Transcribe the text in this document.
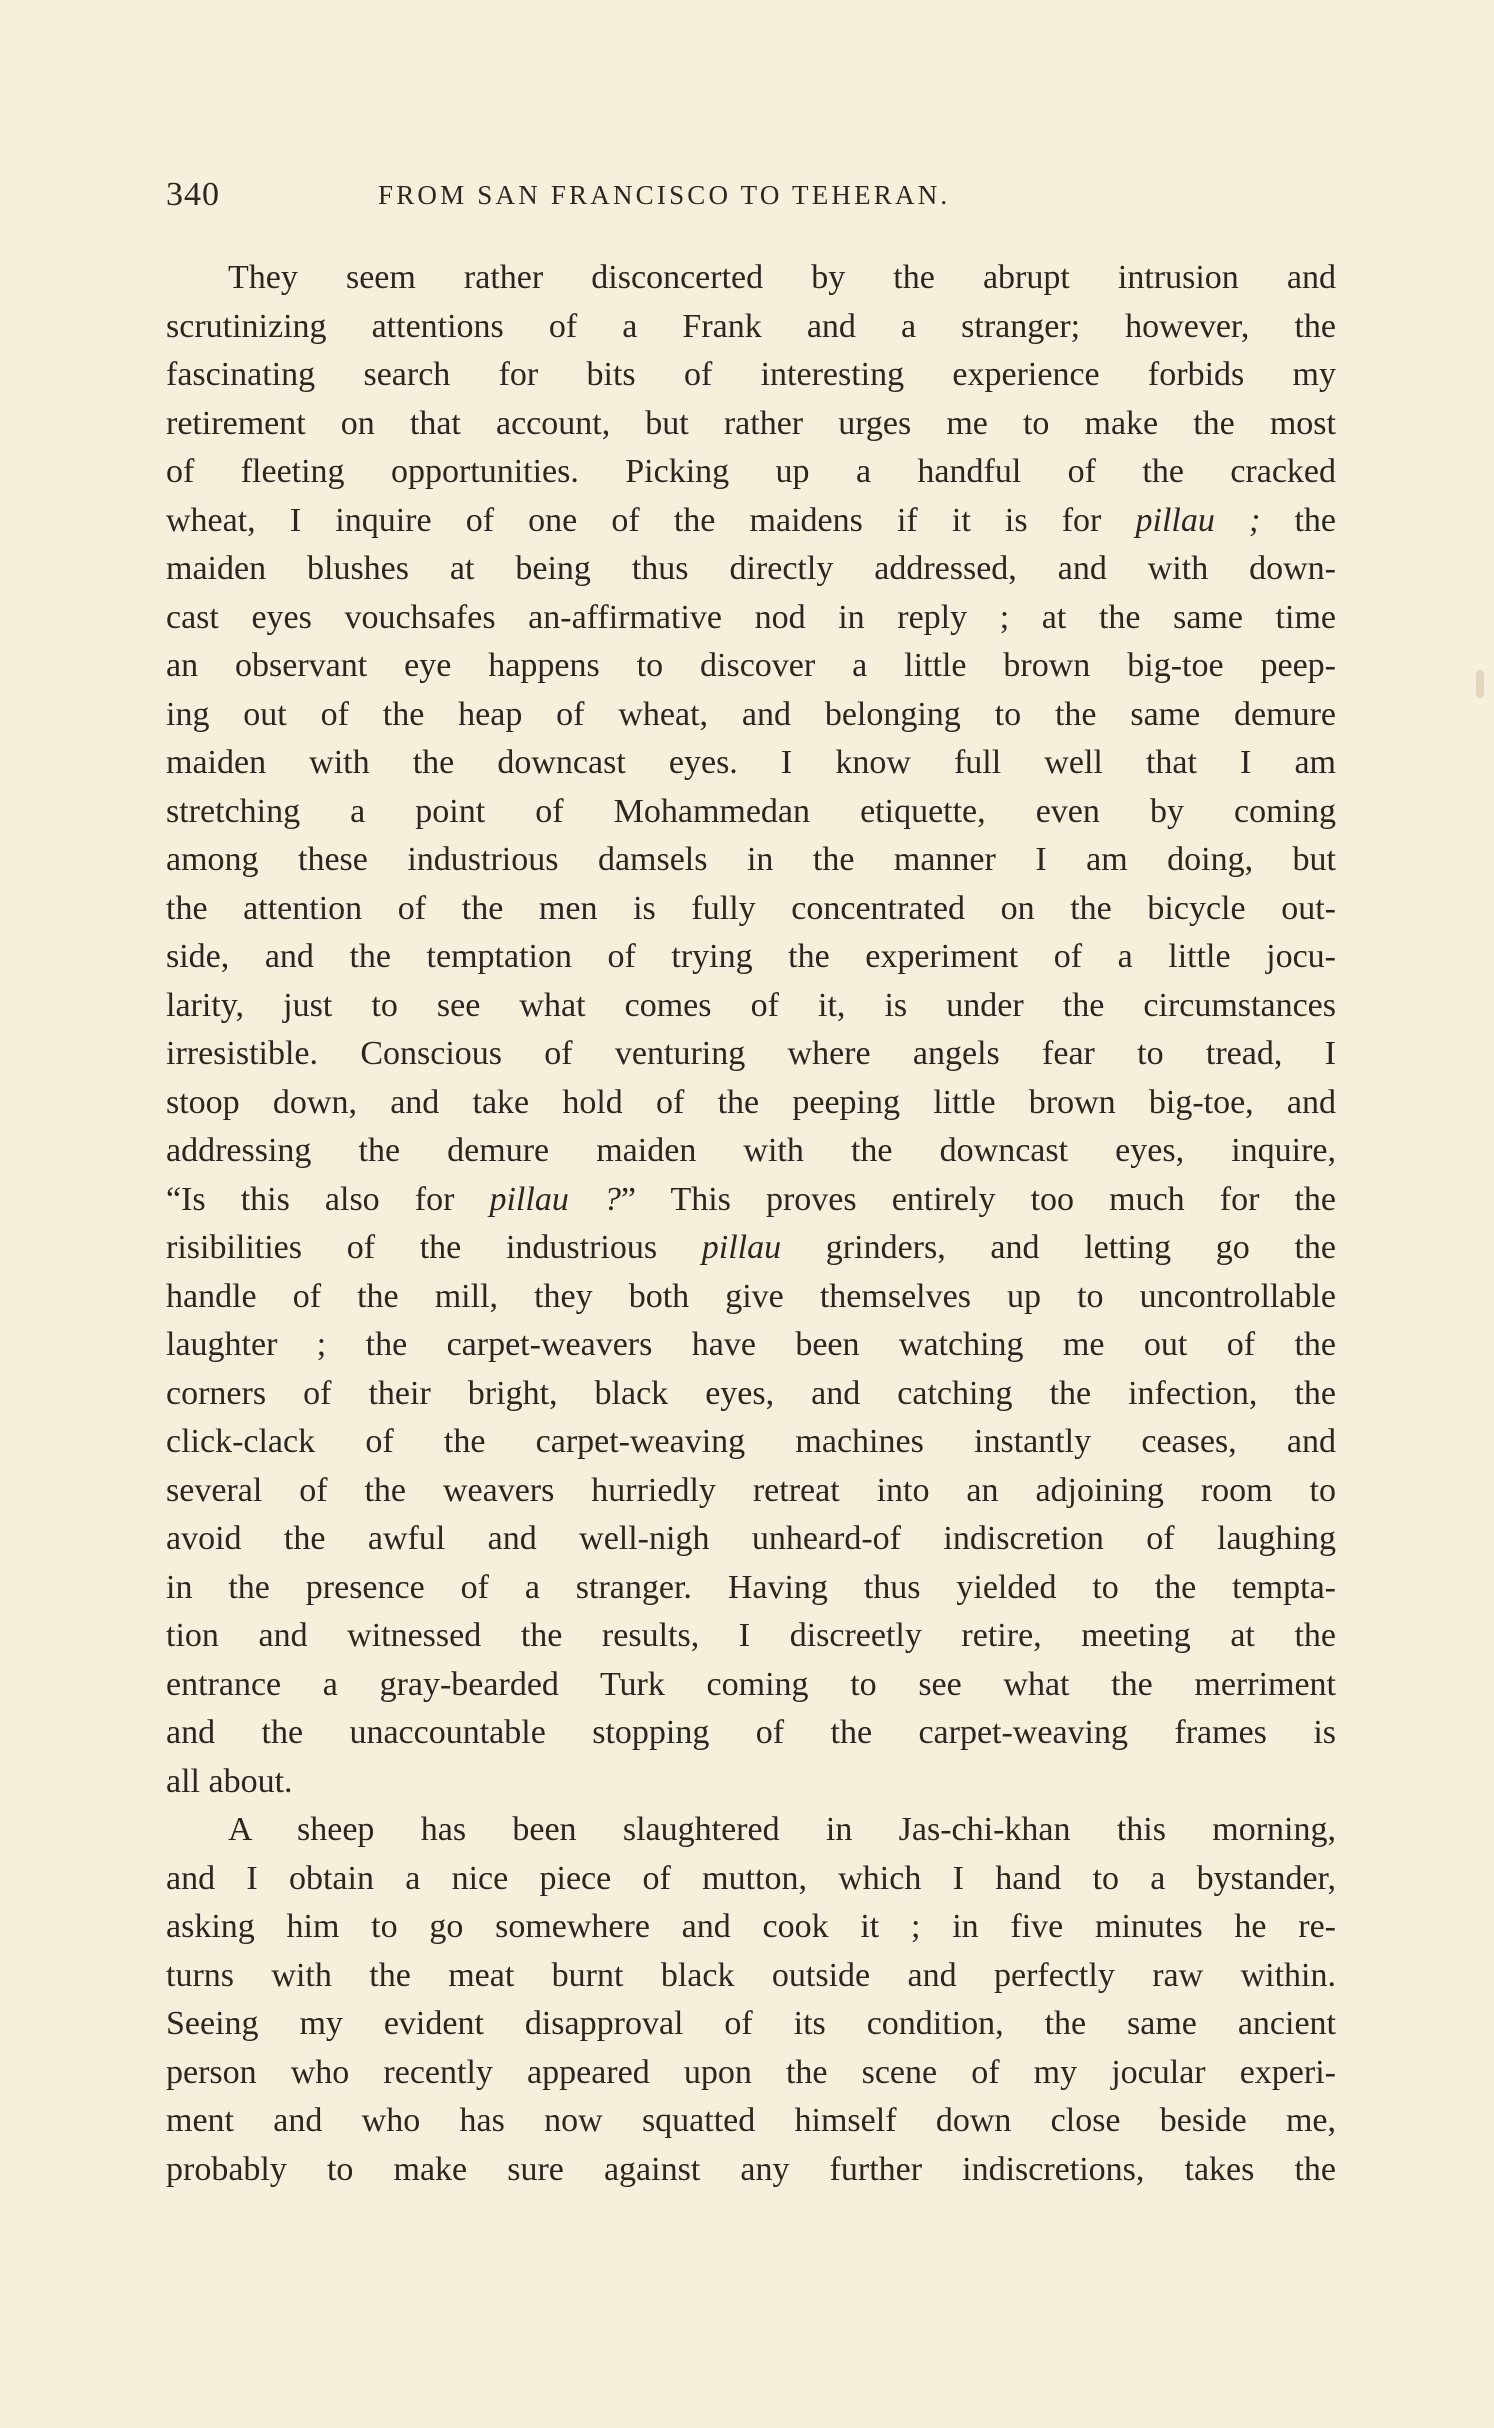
340	FROM SAN FRANCISCO TO TEHERAN.
They seem rather disconcerted by the abrupt intrusion and
scrutinizing attentions of a Frank and a stranger; however, the
fascinating search for bits of interesting experience forbids my
retirement on that account, but rather urges me to make the most
of fleeting opportunities. Picking up a handful of the cracked
wheat, I inquire of one of the maidens if it is for pillau ; the
maiden blushes at being thus directly addressed, and with down-
cast eyes vouchsafes an-affirmative nod in reply ; at the same time
an observant eye happens to discover a little brown big-toe peep-
ing out of the heap of wheat, and belonging to the same demure
maiden with the downcast eyes. I know full well that I am
stretching a point of Mohammedan etiquette, even by coming
among these industrious damsels in the manner I am doing, but
the attention of the men is fully concentrated on the bicycle out-
side, and the temptation of trying the experiment of a little jocu-
larity, just to see what comes of it, is under the circumstances
irresistible. Conscious of venturing where angels fear to tread, I
stoop down, and take hold of the peeping little brown big-toe, and
addressing the demure maiden with the downcast eyes, inquire,
“Is this also for pillau ?” This proves entirely too much for the
risibilities of the industrious pillau grinders, and letting go the
handle of the mill, they both give themselves up to uncontrollable
laughter ; the carpet-weavers have been watching me out of the
corners of their bright, black eyes, and catching the infection, the
click-clack of the carpet-weaving machines instantly ceases, and
several of the weavers hurriedly retreat into an adjoining room to
avoid the awful and well-nigh unheard-of indiscretion of laughing
in the presence of a stranger. Having thus yielded to the tempta-
tion and witnessed the results, I discreetly retire, meeting at the
entrance a gray-bearded Turk coming to see what the merriment
and the unaccountable stopping of the carpet-weaving frames is
all about.
A sheep has been slaughtered in Jas-chi-khan this morning,
and I obtain a nice piece of mutton, which I hand to a bystander,
asking him to go somewhere and cook it ; in five minutes he re-
turns with the meat burnt black outside and perfectly raw within.
Seeing my evident disapproval of its condition, the same ancient
person who recently appeared upon the scene of my jocular experi-
ment and who has now squatted himself down close beside me,
probably to make sure against any further indiscretions, takes the
